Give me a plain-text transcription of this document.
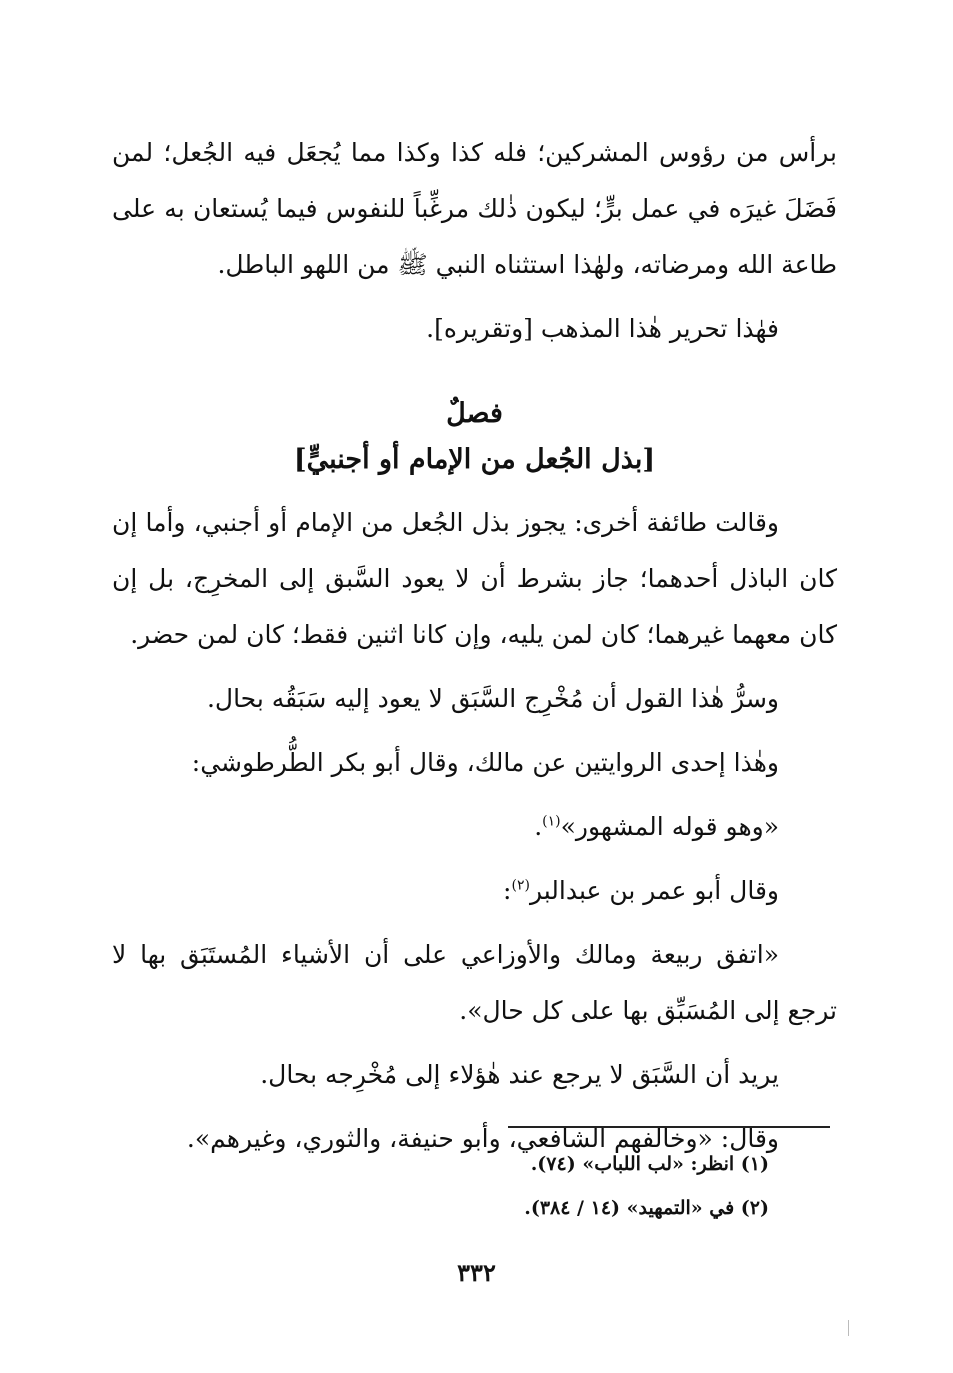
برأس من رؤوس المشركين؛ فله كذا وكذا مما يُجعَل فيه الجُعل؛ لمن فَضَلَ غيرَه في عمل برٍّ؛ ليكون ذٰلك مرغِّباً للنفوس فيما يُستعان به على طاعة الله ومرضاته، ولهٰذا استثناه النبي ﷺ من اللهو الباطل.

فهٰذا تحرير هٰذا المذهب [وتقريره].

فصلٌ
[بذل الجُعل من الإمام أو أجنبيٍّ]

وقالت طائفة أخرى: يجوز بذل الجُعل من الإمام أو أجنبي، وأما إن كان الباذل أحدهما؛ جاز بشرط أن لا يعود السَّبق إلى المخرِج، بل إن كان معهما غيرهما؛ كان لمن يليه، وإن كانا اثنين فقط؛ كان لمن حضر.

وسرُّ هٰذا القول أن مُخْرِج السَّبَق لا يعود إليه سَبَقُه بحال.

وهٰذا إحدى الروايتين عن مالك، وقال أبو بكر الطُّرطوشي:

«وهو قوله المشهور»$^{(١)}$.

وقال أبو عمر بن عبدالبر$^{(٢)}$:

«اتفق ربيعة ومالك والأوزاعي على أن الأشياء المُستَبَق بها لا ترجع إلى المُسَبِّق بها على كل حال».

يريد أن السَّبَق لا يرجع عند هٰؤلاء إلى مُخْرِجه بحال.

وقال: «وخالفهم الشافعي، وأبو حنيفة، والثوري، وغيرهم».

(١) انظر: «لب اللباب» (٧٤).

(٢) في «التمهيد» (١٤ / ٣٨٤).

٣٣٢
